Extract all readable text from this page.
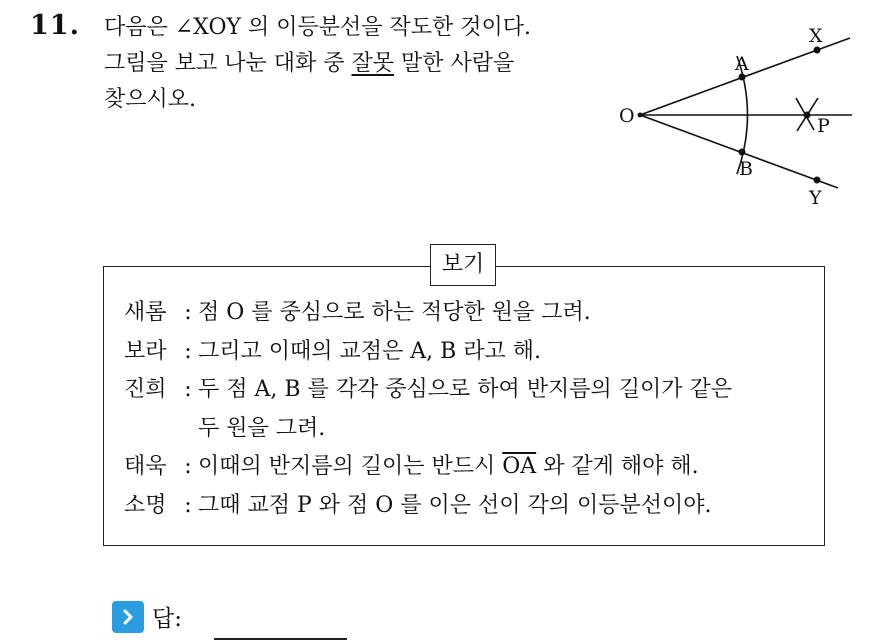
11. 다음은 ∠XOY 의 이등분선을 작도한 것이다.
그림을 보고 나눈 대화 중 잘못 말한 사람을
찾으시오.
O
A
B
X
Y
P
보기
새롬 : 점 O 를 중심으로 하는 적당한 원을 그려.
보라 : 그리고 이때의 교점은 A, B 라고 해.
진희 : 두 점 A, B 를 각각 중심으로 하여 반지름의 길이가 같은
두 원을 그려.
태욱 : 이때의 반지름의 길이는 반드시 $\overline{OA}$ 와 같게 해야 해.
소명 : 그때 교점 P 와 점 O 를 이은 선이 각의 이등분선이야.
답:
